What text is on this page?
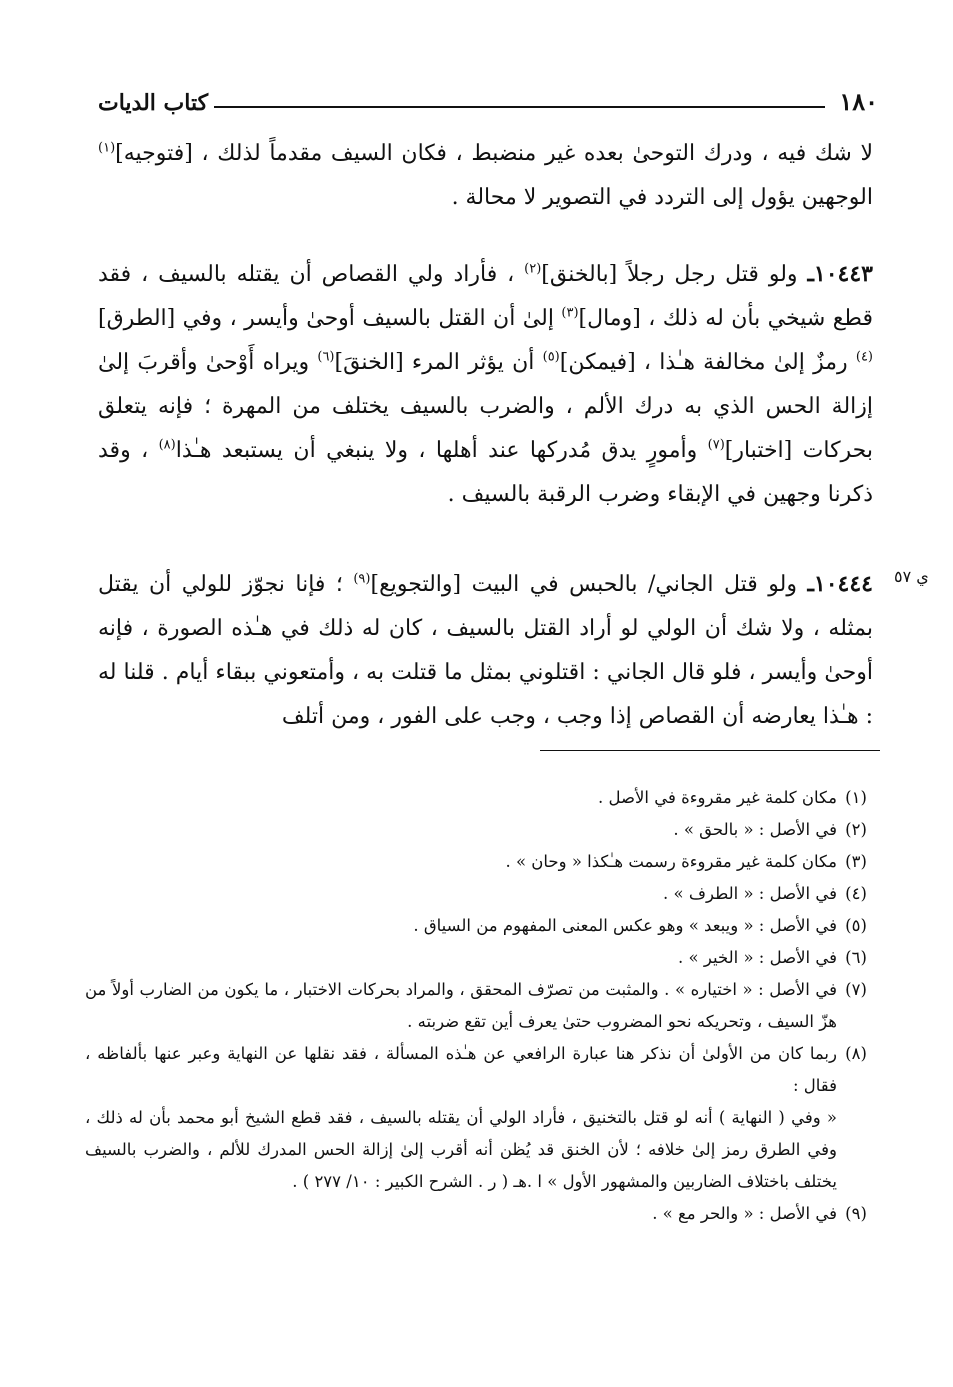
١٨٠
كتاب الديات

لا شك فيه ، ودرك التوحىٰ بعده غير منضبط ، فكان السيف مقدماً لذلك ، [فتوجيه]$^{(١)}$ الوجهين يؤول إلى التردد في التصوير لا محالة .

١٠٤٤٣ـ ولو قتل رجل رجلاً [بالخنق]$^{(٢)}$ ، فأراد ولي القصاص أن يقتله بالسيف ، فقد قطع شيخي بأن له ذلك ، [ومال]$^{(٣)}$ إلىٰ أن القتل بالسيف أوحىٰ وأيسر ، وفي [الطرق]$^{(٤)}$ رمزٌ إلىٰ مخالفة هـٰذا ، [فيمكن]$^{(٥)}$ أن يؤثر المرء [الخنقَ]$^{(٦)}$ ويراه أَوْحىٰ وأقربَ إلىٰ إزالة الحس الذي به درك الألم ، والضرب بالسيف يختلف من المهرة ؛ فإنه يتعلق بحركات [اختبار]$^{(٧)}$ وأمورٍ يدق مُدركها عند أهلها ، ولا ينبغي أن يستبعد هـٰذا$^{(٨)}$ ، وقد ذكرنا وجهين في الإبقاء وضرب الرقبة بالسيف .

ي ٥٧

١٠٤٤٤ـ ولو قتل الجاني/ بالحبس في البيت [والتجويع]$^{(٩)}$ ؛ فإنا نجوّز للولي أن يقتل بمثله ، ولا شك أن الولي لو أراد القتل بالسيف ، كان له ذلك في هـٰذه الصورة ، فإنه أوحىٰ وأيسر ، فلو قال الجاني : اقتلوني بمثل ما قتلت به ، وأمتعوني ببقاء أيام . قلنا له : هـٰذا يعارضه أن القصاص إذا وجب ، وجب على الفور ، ومن أتلف

(١)
مكان كلمة غير مقروءة في الأصل .
(٢)
في الأصل : « بالحق » .
(٣)
مكان كلمة غير مقروءة رسمت هـٰكذا « وحان » .
(٤)
في الأصل : « الطرف » .
(٥)
في الأصل : « ويبعد » وهو عكس المعنى المفهوم من السياق .
(٦)
في الأصل : « الخير » .
(٧)
في الأصل : « اختياره » . والمثبت من تصرّف المحقق ، والمراد بحركات الاختبار ، ما يكون من الضارب أولاً من هزّ السيف ، وتحريكه نحو المضروب حتىٰ يعرف أين تقع ضربته .
(٨)
ربما كان من الأولىٰ أن نذكر هنا عبارة الرافعي عن هـٰذه المسألة ، فقد نقلها عن النهاية وعبر عنها بألفاظه ، فقال :
« وفي ( النهاية ) أنه لو قتل بالتخنيق ، فأراد الولي أن يقتله بالسيف ، فقد قطع الشيخ أبو محمد بأن له ذلك ، وفي الطرق رمز إلىٰ خلافه ؛ لأن الخنق قد يُظن أنه أقرب إلىٰ إزالة الحس المدرك للألم ، والضرب بالسيف يختلف باختلاف الضاربين والمشهور الأول » ا .هـ ( ر . الشرح الكبير : ١٠/ ٢٧٧ ) .
(٩)
في الأصل : « والحر مع » .
